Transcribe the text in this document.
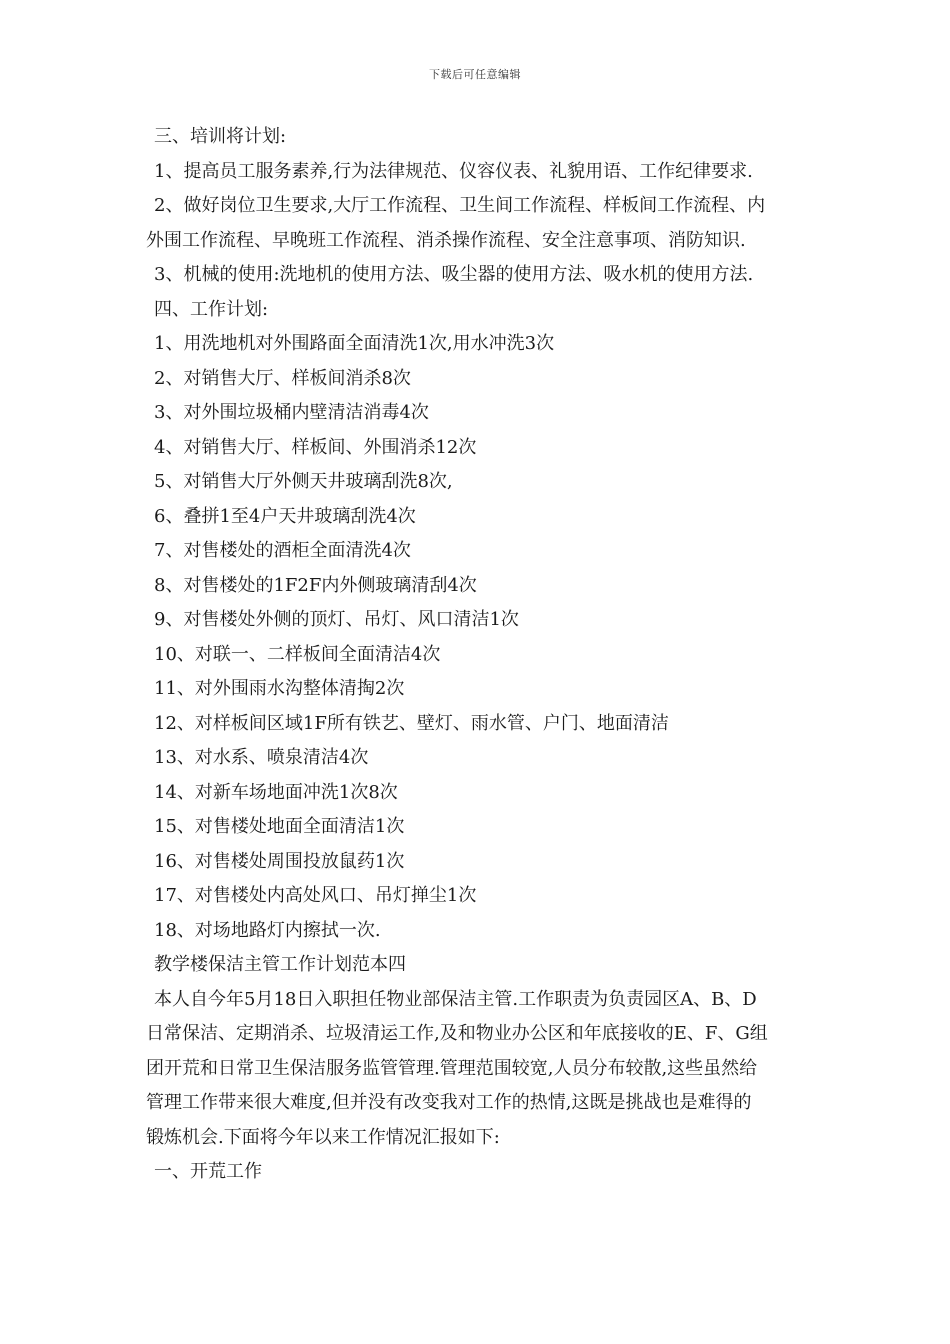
下载后可任意编辑
三、培训将计划:
1、提高员工服务素养,行为法律规范、仪容仪表、礼貌用语、工作纪律要求.
2、做好岗位卫生要求,大厅工作流程、卫生间工作流程、样板间工作流程、内
外围工作流程、早晚班工作流程、消杀操作流程、安全注意事项、消防知识.
3、机械的使用:洗地机的使用方法、吸尘器的使用方法、吸水机的使用方法.
四、工作计划:
1、用洗地机对外围路面全面清洗1次,用水冲洗3次
2、对销售大厅、样板间消杀8次
3、对外围垃圾桶内壁清洁消毒4次
4、对销售大厅、样板间、外围消杀12次
5、对销售大厅外侧天井玻璃刮洗8次,
6、叠拼1至4户天井玻璃刮洗4次
7、对售楼处的酒柜全面清洗4次
8、对售楼处的1F2F内外侧玻璃清刮4次
9、对售楼处外侧的顶灯、吊灯、风口清洁1次
10、对联一、二样板间全面清洁4次
11、对外围雨水沟整体清掏2次
12、对样板间区域1F所有铁艺、壁灯、雨水管、户门、地面清洁
13、对水系、喷泉清洁4次
14、对新车场地面冲洗1次8次
15、对售楼处地面全面清洁1次
16、对售楼处周围投放鼠药1次
17、对售楼处内高处风口、吊灯掸尘1次
18、对场地路灯内擦拭一次.
教学楼保洁主管工作计划范本四
本人自今年5月18日入职担任物业部保洁主管.工作职责为负责园区A、B、D
日常保洁、定期消杀、垃圾清运工作,及和物业办公区和年底接收的E、F、G组
团开荒和日常卫生保洁服务监管管理.管理范围较宽,人员分布较散,这些虽然给
管理工作带来很大难度,但并没有改变我对工作的热情,这既是挑战也是难得的
锻炼机会.下面将今年以来工作情况汇报如下:
一、开荒工作
